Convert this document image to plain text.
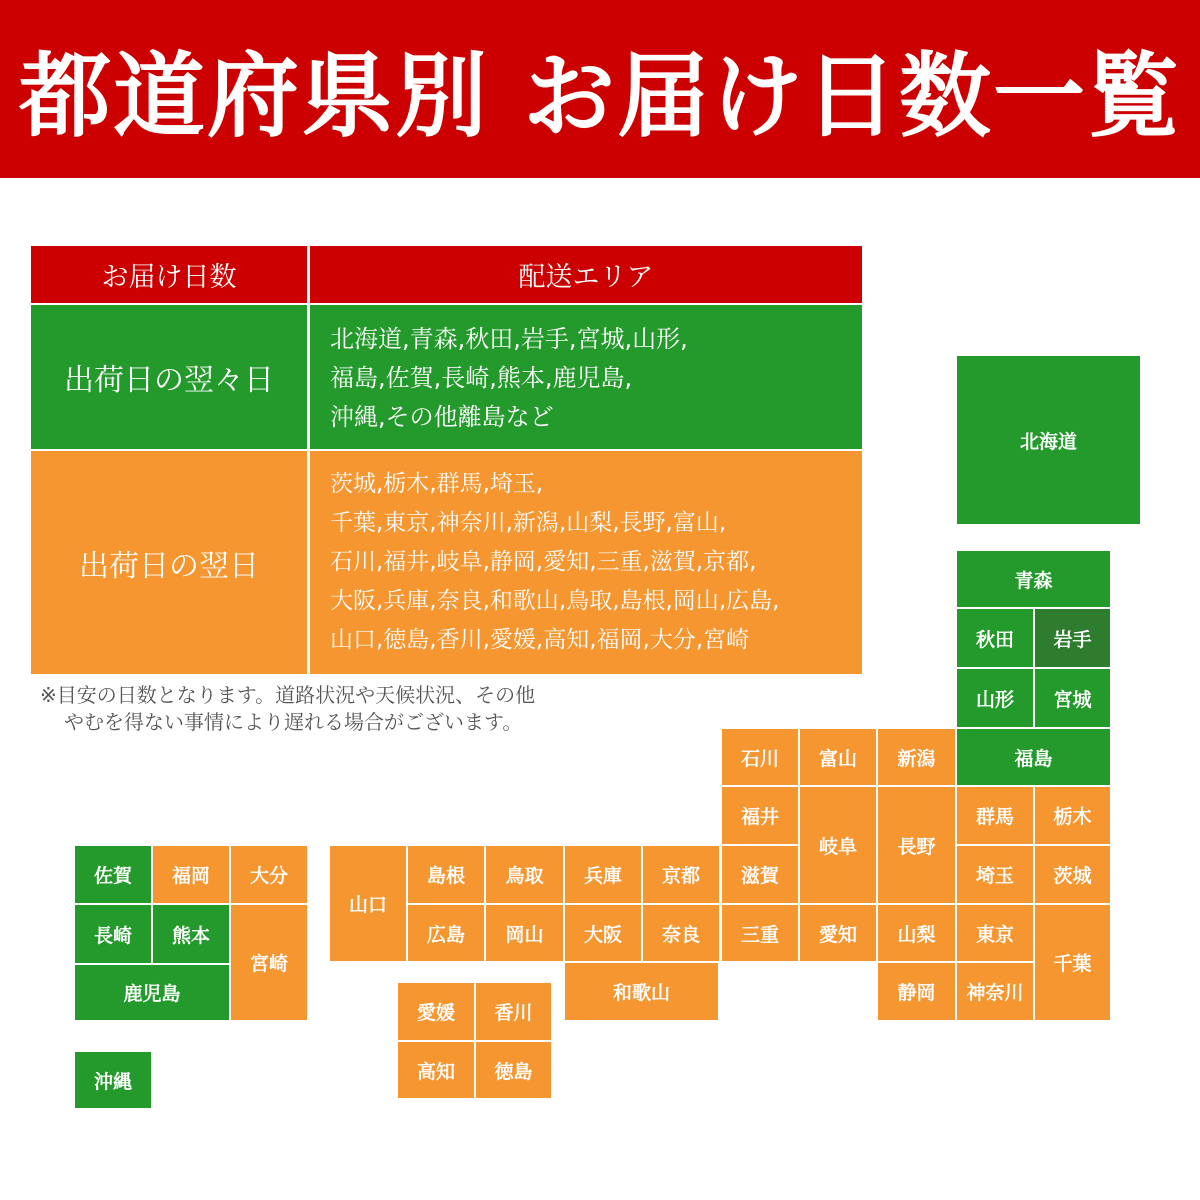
都道府県別 お届け日数一覧
お届け日数	配送エリア
出荷日の翌々日
北海道,青森,秋田,岩手,宮城,山形,
福島,佐賀,長崎,熊本,鹿児島,
沖縄,その他離島など
出荷日の翌日
茨城,栃木,群馬,埼玉,
千葉,東京,神奈川,新潟,山梨,長野,富山,
石川,福井,岐阜,静岡,愛知,三重,滋賀,京都,
大阪,兵庫,奈良,和歌山,鳥取,島根,岡山,広島,
山口,徳島,香川,愛媛,高知,福岡,大分,宮崎
※目安の日数となります。道路状況や天候状況、その他
やむを得ない事情により遅れる場合がございます。
北海道
青森
秋田	岩手
山形	宮城
福島
石川	富山	新潟
福井
岐阜	長野
群馬	栃木
滋賀	埼玉	茨城
三重	愛知	山梨	東京
千葉
静岡	神奈川
山口
島根	鳥取	兵庫	京都
広島	岡山	大阪	奈良
和歌山
愛媛	香川
高知	徳島
佐賀	福岡	大分
長崎	熊本
宮崎
鹿児島
沖縄
